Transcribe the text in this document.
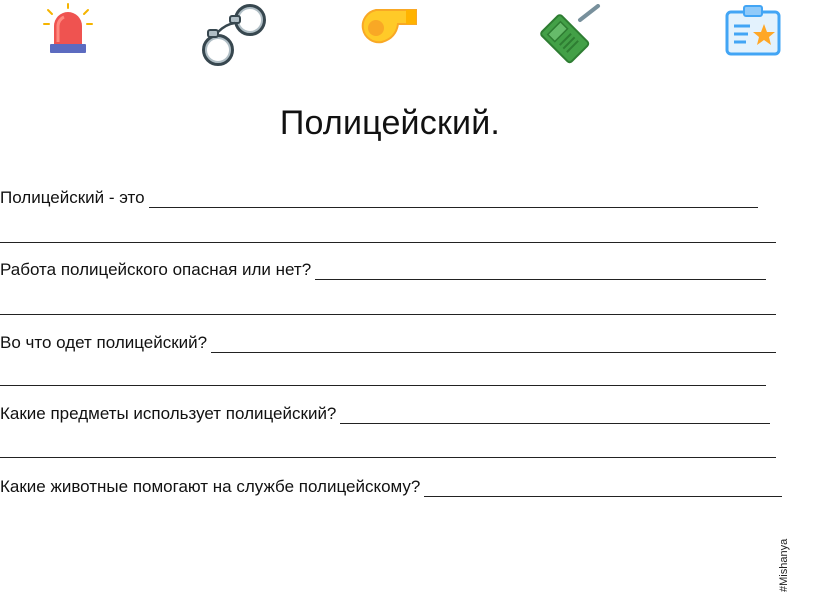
Полицейский.
Полицейский - это
Работа полицейского опасная или нет?
Во что одет полицейский?
Какие предметы использует полицейский?
Какие животные помогают на службе полицейскому?
#Mishanya
